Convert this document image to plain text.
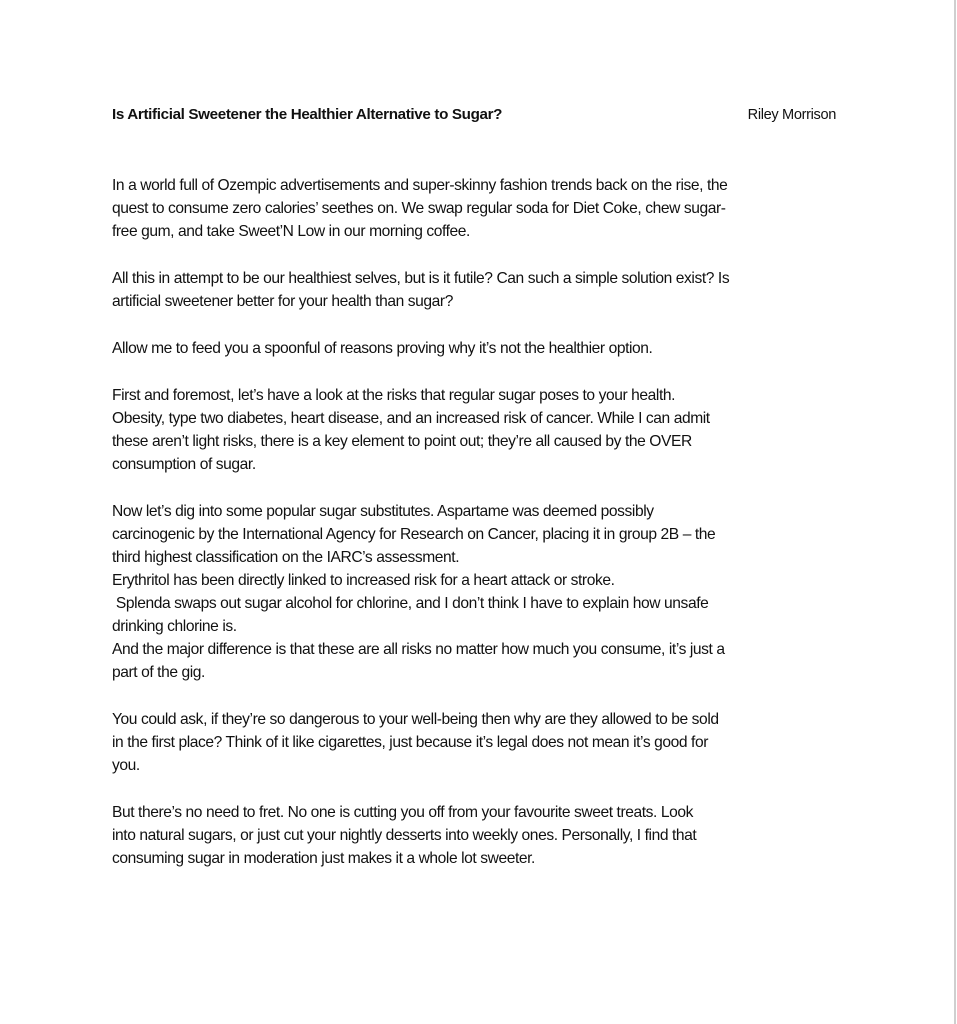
Is Artificial Sweetener the Healthier Alternative to Sugar?	Riley Morrison

In a world full of Ozempic advertisements and super-skinny fashion trends back on the rise, the
quest to consume zero calories’ seethes on. We swap regular soda for Diet Coke, chew sugar-
free gum, and take Sweet’N Low in our morning coffee.

All this in attempt to be our healthiest selves, but is it futile? Can such a simple solution exist? Is
artificial sweetener better for your health than sugar?

Allow me to feed you a spoonful of reasons proving why it’s not the healthier option.

First and foremost, let’s have a look at the risks that regular sugar poses to your health.
Obesity, type two diabetes, heart disease, and an increased risk of cancer. While I can admit
these aren’t light risks, there is a key element to point out; they’re all caused by the OVER
consumption of sugar.

Now let’s dig into some popular sugar substitutes. Aspartame was deemed possibly
carcinogenic by the International Agency for Research on Cancer, placing it in group 2B – the
third highest classification on the IARC’s assessment.
Erythritol has been directly linked to increased risk for a heart attack or stroke.
Splenda swaps out sugar alcohol for chlorine, and I don’t think I have to explain how unsafe
drinking chlorine is.
And the major difference is that these are all risks no matter how much you consume, it’s just a
part of the gig.

You could ask, if they’re so dangerous to your well-being then why are they allowed to be sold
in the first place? Think of it like cigarettes, just because it’s legal does not mean it’s good for
you.

But there’s no need to fret. No one is cutting you off from your favourite sweet treats. Look
into natural sugars, or just cut your nightly desserts into weekly ones. Personally, I find that
consuming sugar in moderation just makes it a whole lot sweeter.
